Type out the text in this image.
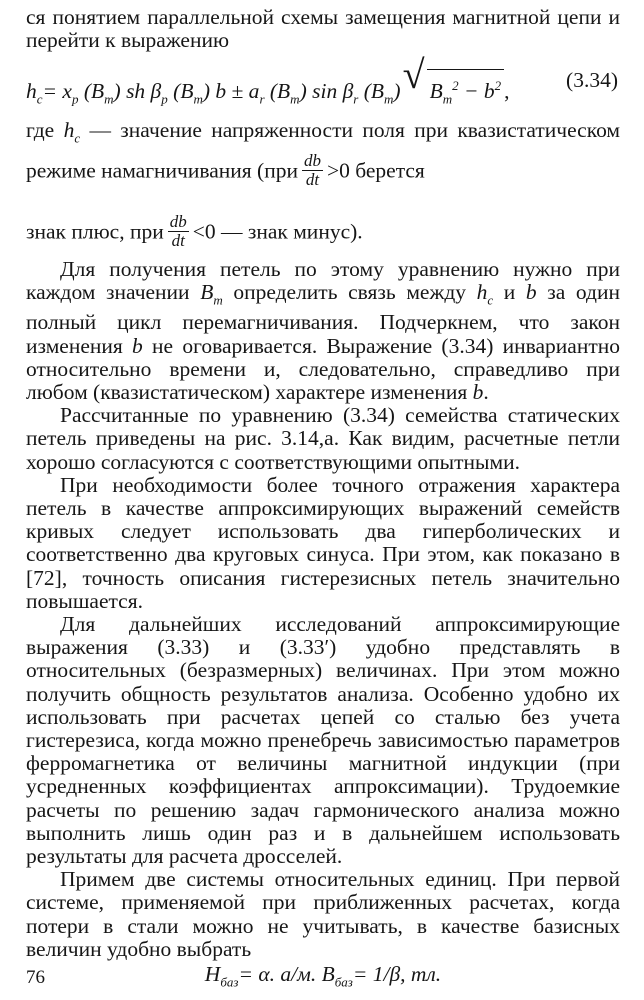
ся понятием параллельной схемы замещения магнитной цепи и перейти к выражению

$h_c= x_p$ $(B_m)$ sh $\beta_p$ $(B_m) b \pm a_r$ $(B_m)$ $\sin \beta_r$ $(B_m)$ √ $B_m^2 - b^2$ ,	(3.34)

где $h_c$ — значение напряженности поля при квазистатическом режиме намагничивания ($при \frac{db}{dt} >0$ берется

знак плюс, при $\frac{db}{dt} <0$ — знак минус).

Для получения петель по этому уравнению нужно при каждом значении $B_m$ определить связь между $h_c$ и b за один полный цикл перемагничивания. Подчеркнем, что закон изменения b не оговаривается. Выражение (3.34) инвариантно относительно времени и, следовательно, справедливо при любом (квазистатическом) характере изменения b.

Рассчитанные по уравнению (3.34) семейства статических петель приведены на рис. 3.14,а. Как видим, расчетные петли хорошо согласуются с соответствующими опытными.

При необходимости более точного отражения характера петель в качестве аппроксимирующих выражений семейств кривых следует использовать два гиперболических и соответственно два круговых синуса. При этом, как показано в [72], точность описания гистерезисных петель значительно повышается.

Для дальнейших исследований аппроксимирующие выражения (3.33) и (3.33′) удобно представлять в относительных (безразмерных) величинах. При этом можно получить общность результатов анализа. Особенно удобно их использовать при расчетах цепей со сталью без учета гистерезиса, когда можно пренебречь зависимостью параметров ферромагнетика от величины магнитной индукции (при усредненных коэффициентах аппроксимации). Трудоемкие расчеты по решению задач гармонического анализа можно выполнить лишь один раз и в дальнейшем использовать результаты для расчета дросселей.

Примем две системы относительных единиц. При первой системе, применяемой при приближенных расчетах, когда потери в стали можно не учитывать, в качестве базисных величин удобно выбрать

$H_{баз}= \alpha$. а/м. $B_{баз}= 1/\beta$, тл.

76
